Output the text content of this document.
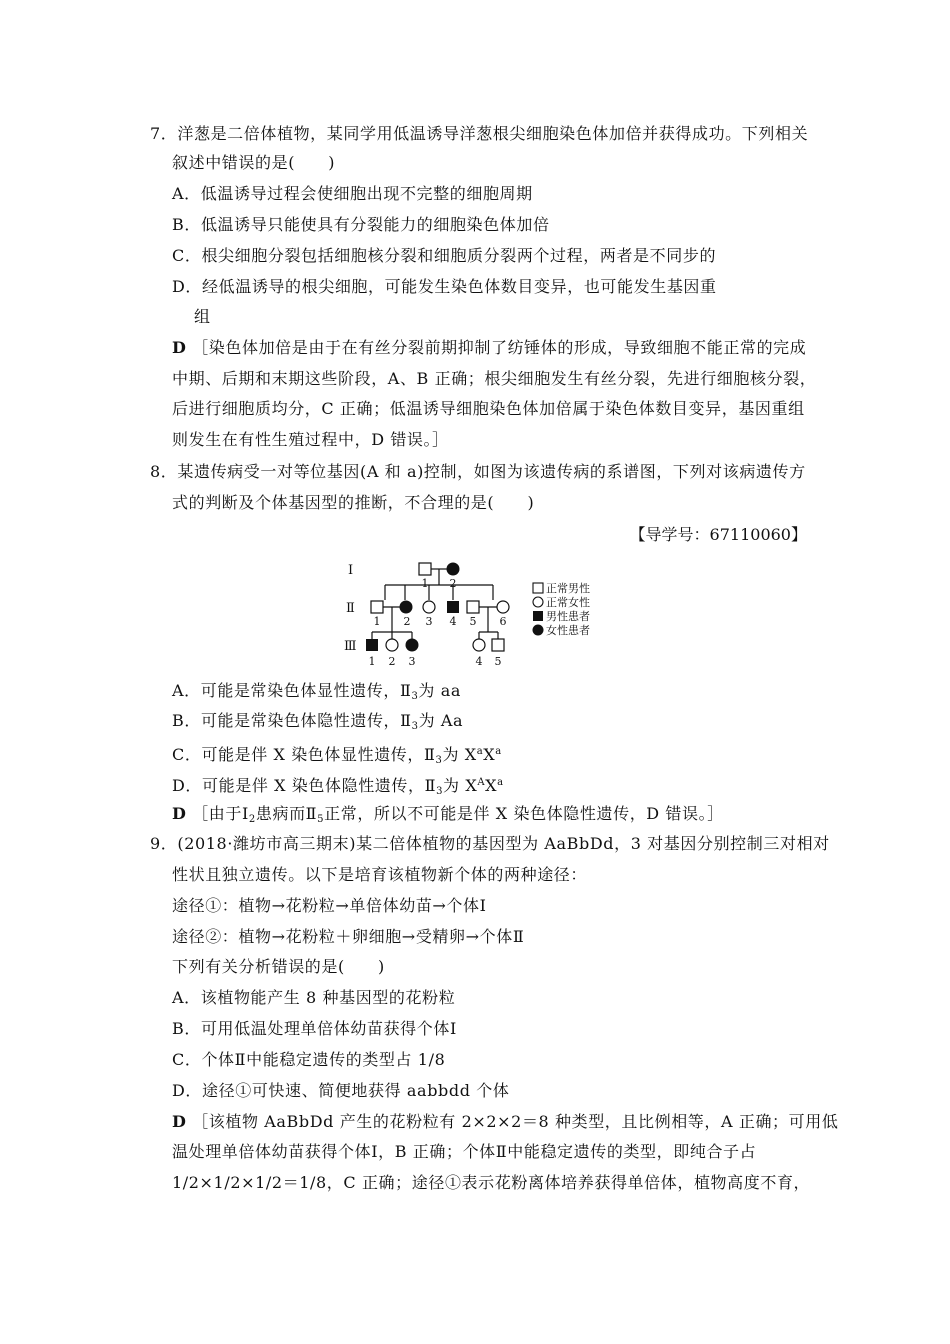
7．洋葱是二倍体植物，某同学用低温诱导洋葱根尖细胞染色体加倍并获得成功。下列相关
叙述中错误的是(　　)
A．低温诱导过程会使细胞出现不完整的细胞周期
B．低温诱导只能使具有分裂能力的细胞染色体加倍
C．根尖细胞分裂包括细胞核分裂和细胞质分裂两个过程，两者是不同步的
D．经低温诱导的根尖细胞，可能发生染色体数目变异，也可能发生基因重
组
D ［染色体加倍是由于在有丝分裂前期抑制了纺锤体的形成，导致细胞不能正常的完成
中期、后期和末期这些阶段，A、B 正确；根尖细胞发生有丝分裂，先进行细胞核分裂，
后进行细胞质均分，C 正确；低温诱导细胞染色体加倍属于染色体数目变异，基因重组
则发生在有性生殖过程中，D 错误。］
8．某遗传病受一对等位基因(A 和 a)控制，如图为该遗传病的系谱图，下列对该病遗传方
式的判断及个体基因型的推断，不合理的是(　　)
【导学号：67110060】
Ⅰ
Ⅱ
Ⅲ
1 2
1 2 3 4 5 6
1 2 3	4 5
正常男性
正常女性
男性患者
女性患者
A．可能是常染色体显性遗传，$Ⅱ_3$为 aa
B．可能是常染色体隐性遗传，$Ⅱ_3$为 Aa
C．可能是伴 X 染色体显性遗传，$Ⅱ_3$为 $X^aX^a$
D．可能是伴 X 染色体隐性遗传，$Ⅱ_3$为 $X^AX^a$
D ［由于$Ⅰ_2$患病而$Ⅱ_5$正常，所以不可能是伴 X 染色体隐性遗传，D 错误。］
9．(2018·潍坊市高三期末)某二倍体植物的基因型为 AaBbDd，3 对基因分别控制三对相对
性状且独立遗传。以下是培育该植物新个体的两种途径：
途径①：植物→花粉粒→单倍体幼苗→个体Ⅰ
途径②：植物→花粉粒＋卵细胞→受精卵→个体Ⅱ
下列有关分析错误的是(　　)
A．该植物能产生 8 种基因型的花粉粒
B．可用低温处理单倍体幼苗获得个体Ⅰ
C．个体Ⅱ中能稳定遗传的类型占 1/8
D．途径①可快速、简便地获得 aabbdd 个体
D ［该植物 AaBbDd 产生的花粉粒有 2×2×2＝8 种类型，且比例相等，A 正确；可用低
温处理单倍体幼苗获得个体Ⅰ，B 正确；个体Ⅱ中能稳定遗传的类型，即纯合子占
1/2×1/2×1/2＝1/8，C 正确；途径①表示花粉离体培养获得单倍体，植物高度不育，
